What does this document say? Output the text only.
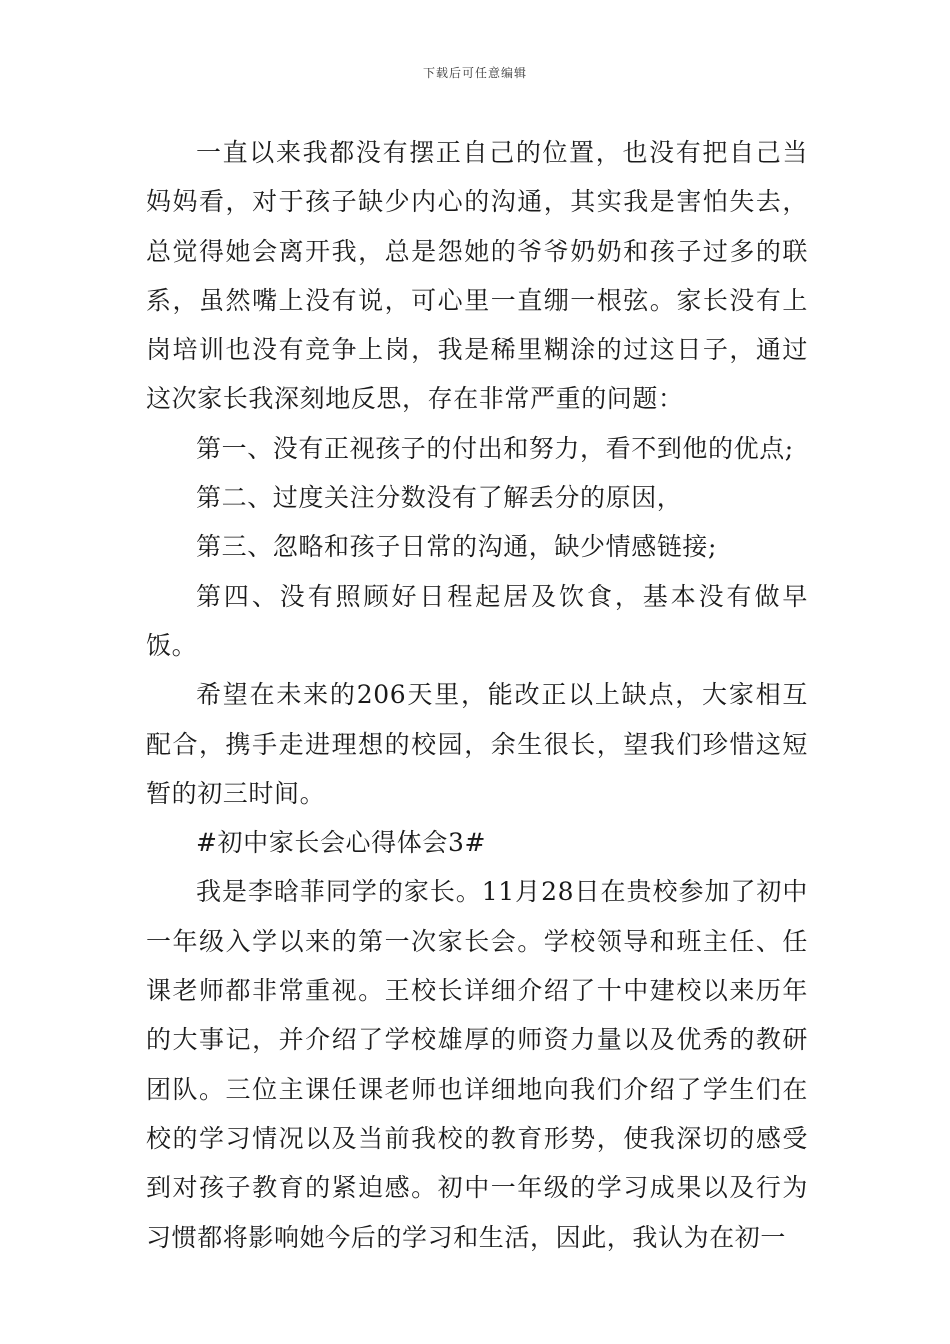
下载后可任意编辑

一直以来我都没有摆正自己的位置，也没有把自己当妈妈看，对于孩子缺少内心的沟通，其实我是害怕失去，总觉得她会离开我，总是怨她的爷爷奶奶和孩子过多的联系，虽然嘴上没有说，可心里一直绷一根弦。家长没有上岗培训也没有竞争上岗，我是稀里糊涂的过这日子，通过这次家长我深刻地反思，存在非常严重的问题：

第一、没有正视孩子的付出和努力，看不到他的优点;

第二、过度关注分数没有了解丢分的原因，

第三、忽略和孩子日常的沟通，缺少情感链接;

第四、没有照顾好日程起居及饮食，基本没有做早饭。

希望在未来的206天里，能改正以上缺点，大家相互配合，携手走进理想的校园，余生很长，望我们珍惜这短暂的初三时间。

#初中家长会心得体会3#

我是李晗菲同学的家长。11月28日在贵校参加了初中一年级入学以来的第一次家长会。学校领导和班主任、任课老师都非常重视。王校长详细介绍了十中建校以来历年的大事记，并介绍了学校雄厚的师资力量以及优秀的教研团队。三位主课任课老师也详细地向我们介绍了学生们在校的学习情况以及当前我校的教育形势，使我深切的感受到对孩子教育的紧迫感。初中一年级的学习成果以及行为习惯都将影响她今后的学习和生活，因此，我认为在初一
